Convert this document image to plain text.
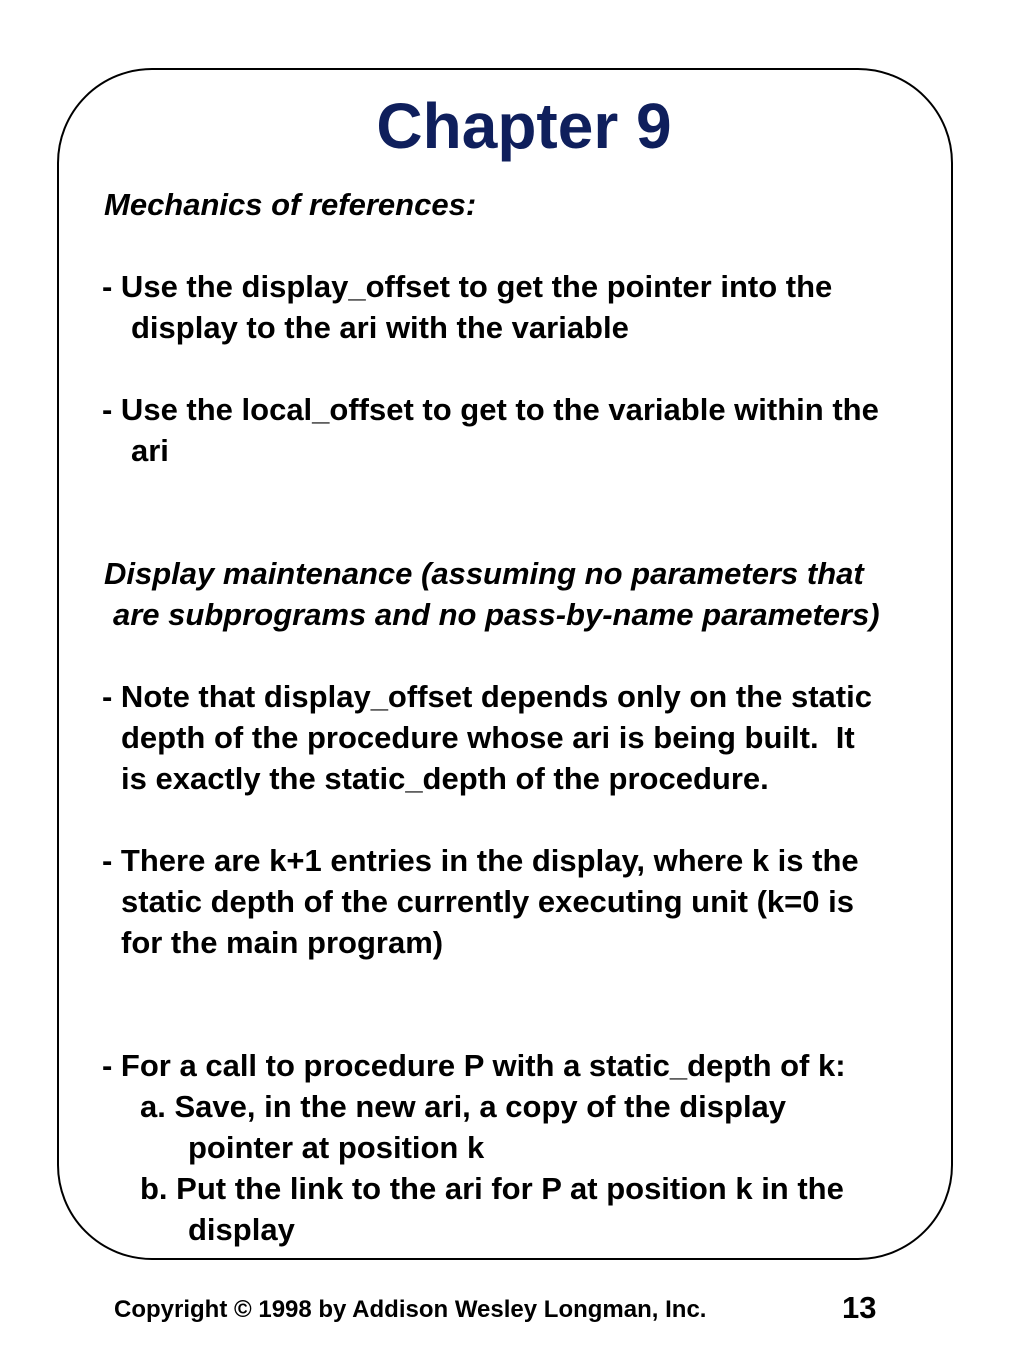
Chapter 9

Mechanics of references:

- Use the display_offset to get the pointer into the

display to the ari with the variable

- Use the local_offset to get to the variable within the

ari

Display maintenance (assuming no parameters that

are subprograms and no pass-by-name parameters)

- Note that display_offset depends only on the static

depth of the procedure whose ari is being built.  It

is exactly the static_depth of the procedure.

- There are k+1 entries in the display, where k is the

static depth of the currently executing unit (k=0 is

for the main program)

- For a call to procedure P with a static_depth of k:

a. Save, in the new ari, a copy of the display

pointer at position k

b. Put the link to the ari for P at position k in the

display

Copyright © 1998 by Addison Wesley Longman, Inc.	13
